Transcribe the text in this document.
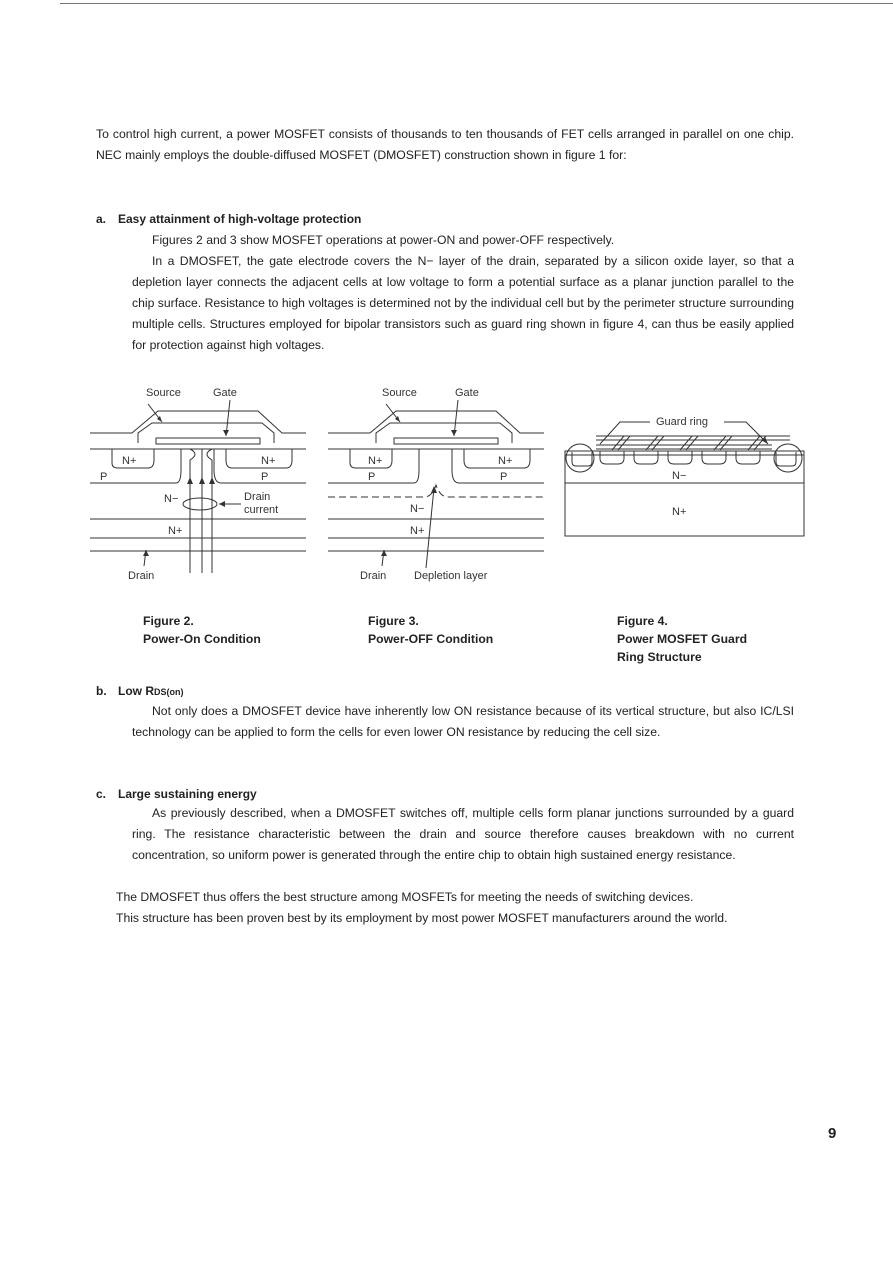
To control high current, a power MOSFET consists of thousands to ten thousands of FET cells arranged in parallel on one chip. NEC mainly employs the double-diffused MOSFET (DMOSFET) construction shown in figure 1 for:

a. Easy attainment of high-voltage protection

Figures 2 and 3 show MOSFET operations at power-ON and power-OFF respectively.

In a DMOSFET, the gate electrode covers the N− layer of the drain, separated by a silicon oxide layer, so that a depletion layer connects the adjacent cells at low voltage to form a potential surface as a planar junction parallel to the chip surface. Resistance to high voltages is determined not by the individual cell but by the perimeter structure surrounding multiple cells. Structures employed for bipolar transistors such as guard ring shown in figure 4, can thus be easily applied for protection against high voltages.

Source	Gate
N+	N+
P	P
N−	Drain
current
N+
Drain
Source	Gate
N+	N+
P	P
N−
N+
Drain	Depletion layer
Guard ring
N−
N+
Figure 2.
Power-On Condition
Figure 3.
Power-OFF Condition
Figure 4.
Power MOSFET Guard
Ring Structure

b. Low RDS(on)

Not only does a DMOSFET device have inherently low ON resistance because of its vertical structure, but also IC/LSI technology can be applied to form the cells for even lower ON resistance by reducing the cell size.

c. Large sustaining energy

As previously described, when a DMOSFET switches off, multiple cells form planar junctions surrounded by a guard ring. The resistance characteristic between the drain and source therefore causes breakdown with no current concentration, so uniform power is generated through the entire chip to obtain high sustained energy resistance.

The DMOSFET thus offers the best structure among MOSFETs for meeting the needs of switching devices.

This structure has been proven best by its employment by most power MOSFET manufacturers around the world.

9
